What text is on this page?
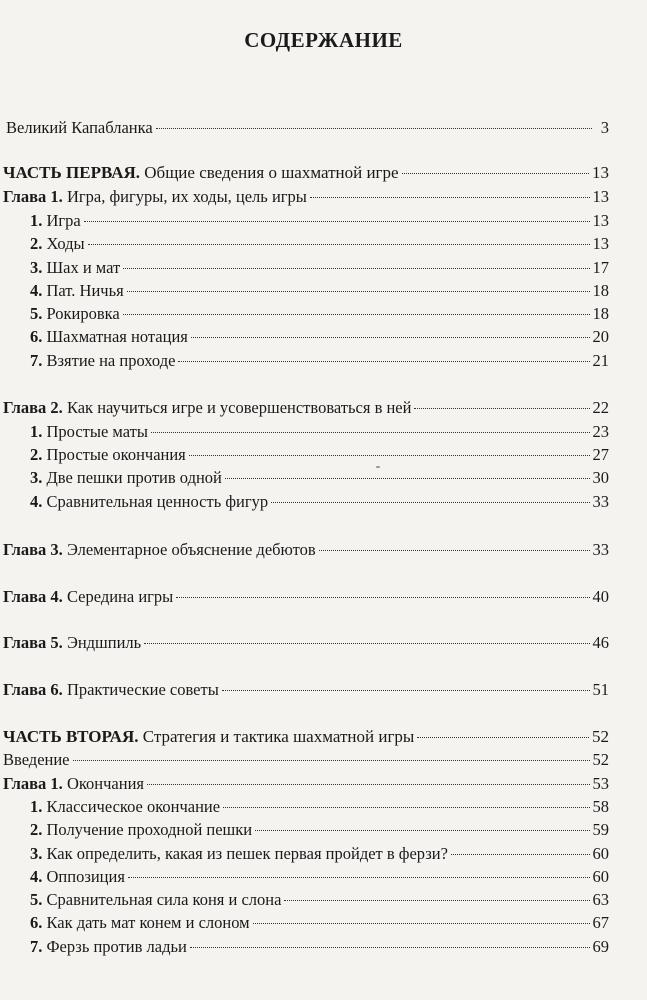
СОДЕРЖАНИЕ
Великий Капабланка	3
ЧАСТЬ ПЕРВАЯ. Общие сведения о шахматной игре	13
Глава 1. Игра, фигуры, их ходы, цель игры	13
1. Игра	13
2. Ходы	13
3. Шах и мат	17
4. Пат. Ничья	18
5. Рокировка	18
6. Шахматная нотация	20
7. Взятие на проходе	21
Глава 2. Как научиться игре и усовершенствоваться в ней	22
1. Простые маты	23
2. Простые окончания	27
3. Две пешки против одной	30
4. Сравнительная ценность фигур	33
Глава 3. Элементарное объяснение дебютов	33
Глава 4. Середина игры	40
Глава 5. Эндшпиль	46
Глава 6. Практические советы	51
ЧАСТЬ ВТОРАЯ. Стратегия и тактика шахматной игры	52
Введение	52
Глава 1. Окончания	53
1. Классическое окончание	58
2. Получение проходной пешки	59
3. Как определить, какая из пешек первая пройдет в ферзи?	60
4. Оппозиция	60
5. Сравнительная сила коня и слона	63
6. Как дать мат конем и слоном	67
7. Ферзь против ладьи	69
